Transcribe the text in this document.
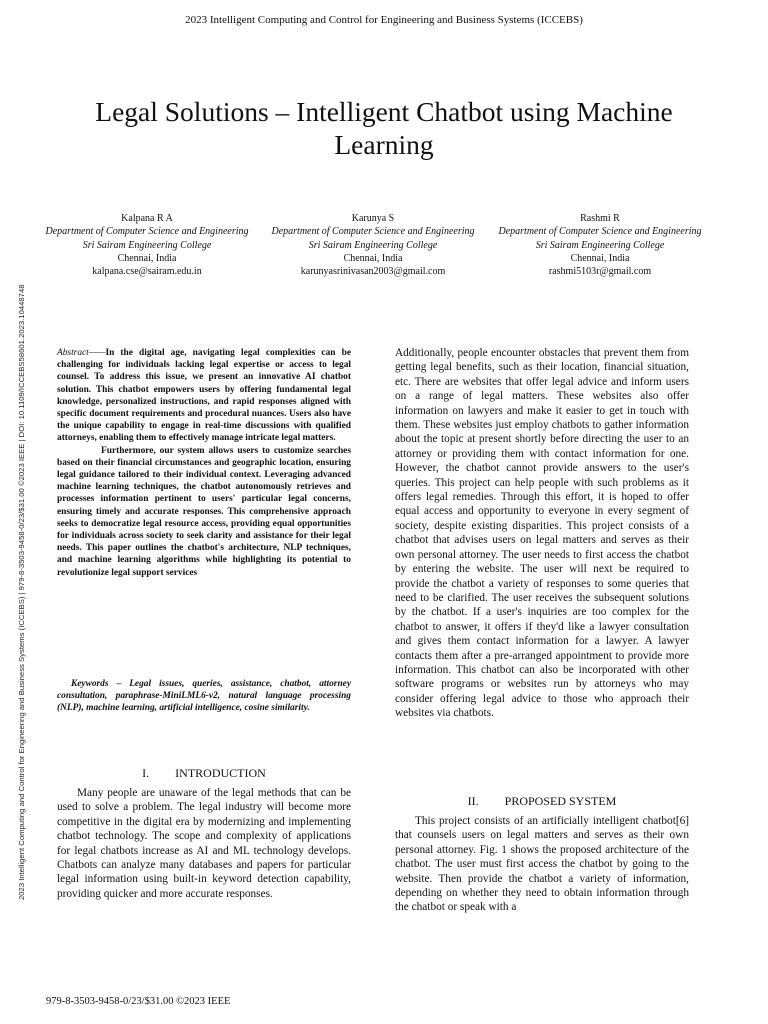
2023 Intelligent Computing and Control for Engineering and Business Systems (ICCEBS)
Legal Solutions – Intelligent Chatbot using Machine Learning
Kalpana R A
Department of Computer Science and Engineering
Sri Sairam Engineering College
Chennai, India
kalpana.cse@sairam.edu.in
Karunya S
Department of Computer Science and Engineering
Sri Sairam Engineering College
Chennai, India
karunyasrinivasan2003@gmail.com
Rashmi R
Department of Computer Science and Engineering
Sri Sairam Engineering College
Chennai, India
rashmi5103r@gmail.com
2023 Intelligent Computing and Control for Engineering and Business Systems (ICCEBS) | 979-8-3503-9458-0/23/$31.00 ©2023 IEEE | DOI: 10.1109/ICCEBS58601.2023.10448748	Abstract——In the digital age, navigating legal complexities can be challenging for individuals lacking legal expertise or access to legal counsel. To address this issue, we present an innovative AI chatbot solution. This chatbot empowers users by offering fundamental legal knowledge, personalized instructions, and rapid responses aligned with specific document requirements and procedural nuances. Users also have the unique capability to engage in real-time discussions with qualified attorneys, enabling them to effectively manage intricate legal matters.

Furthermore, our system allows users to customize searches based on their financial circumstances and geographic location, ensuring legal guidance tailored to their individual context. Leveraging advanced machine learning techniques, the chatbot autonomously retrieves and processes information pertinent to users' particular legal concerns, ensuring timely and accurate responses. This comprehensive approach seeks to democratize legal resource access, providing equal opportunities for individuals across society to seek clarity and assistance for their legal needs. This paper outlines the chatbot's architecture, NLP techniques, and machine learning algorithms while highlighting its potential to revolutionize legal support services

Keywords – Legal issues, queries, assistance, chatbot, attorney consultation, paraphrase-MiniLML6-v2, natural language processing (NLP), machine learning, artificial intelligence, cosine similarity.
I. INTRODUCTION
Many people are unaware of the legal methods that can be used to solve a problem. The legal industry will become more competitive in the digital era by modernizing and implementing chatbot technology. The scope and complexity of applications for legal chatbots increase as AI and ML technology develops. Chatbots can analyze many databases and papers for particular legal information using built-in keyword detection capability, providing quicker and more accurate responses.
Additionally, people encounter obstacles that prevent them from getting legal benefits, such as their location, financial situation, etc. There are websites that offer legal advice and inform users on a range of legal matters. These websites also offer information on lawyers and make it easier to get in touch with them. These websites just employ chatbots to gather information about the topic at present shortly before directing the user to an attorney or providing them with contact information for one. However, the chatbot cannot provide answers to the user's queries. This project can help people with such problems as it offers legal remedies. Through this effort, it is hoped to offer equal access and opportunity to everyone in every segment of society, despite existing disparities. This project consists of a chatbot that advises users on legal matters and serves as their own personal attorney. The user needs to first access the chatbot by entering the website. The user will next be required to provide the chatbot a variety of responses to some queries that need to be clarified. The user receives the subsequent solutions by the chatbot. If a user's inquiries are too complex for the chatbot to answer, it offers if they'd like a lawyer consultation and gives them contact information for a lawyer. A lawyer contacts them after a pre-arranged appointment to provide more information. This chatbot can also be incorporated with other software programs or websites run by attorneys who may consider offering legal advice to those who approach their websites via chatbots.
II. PROPOSED SYSTEM
This project consists of an artificially intelligent chatbot[6] that counsels users on legal matters and serves as their own personal attorney. Fig. 1 shows the proposed architecture of the chatbot. The user must first access the chatbot by going to the website. Then provide the chatbot a variety of information, depending on whether they need to obtain information through the chatbot or speak with a
979-8-3503-9458-0/23/$31.00 ©2023 IEEE
